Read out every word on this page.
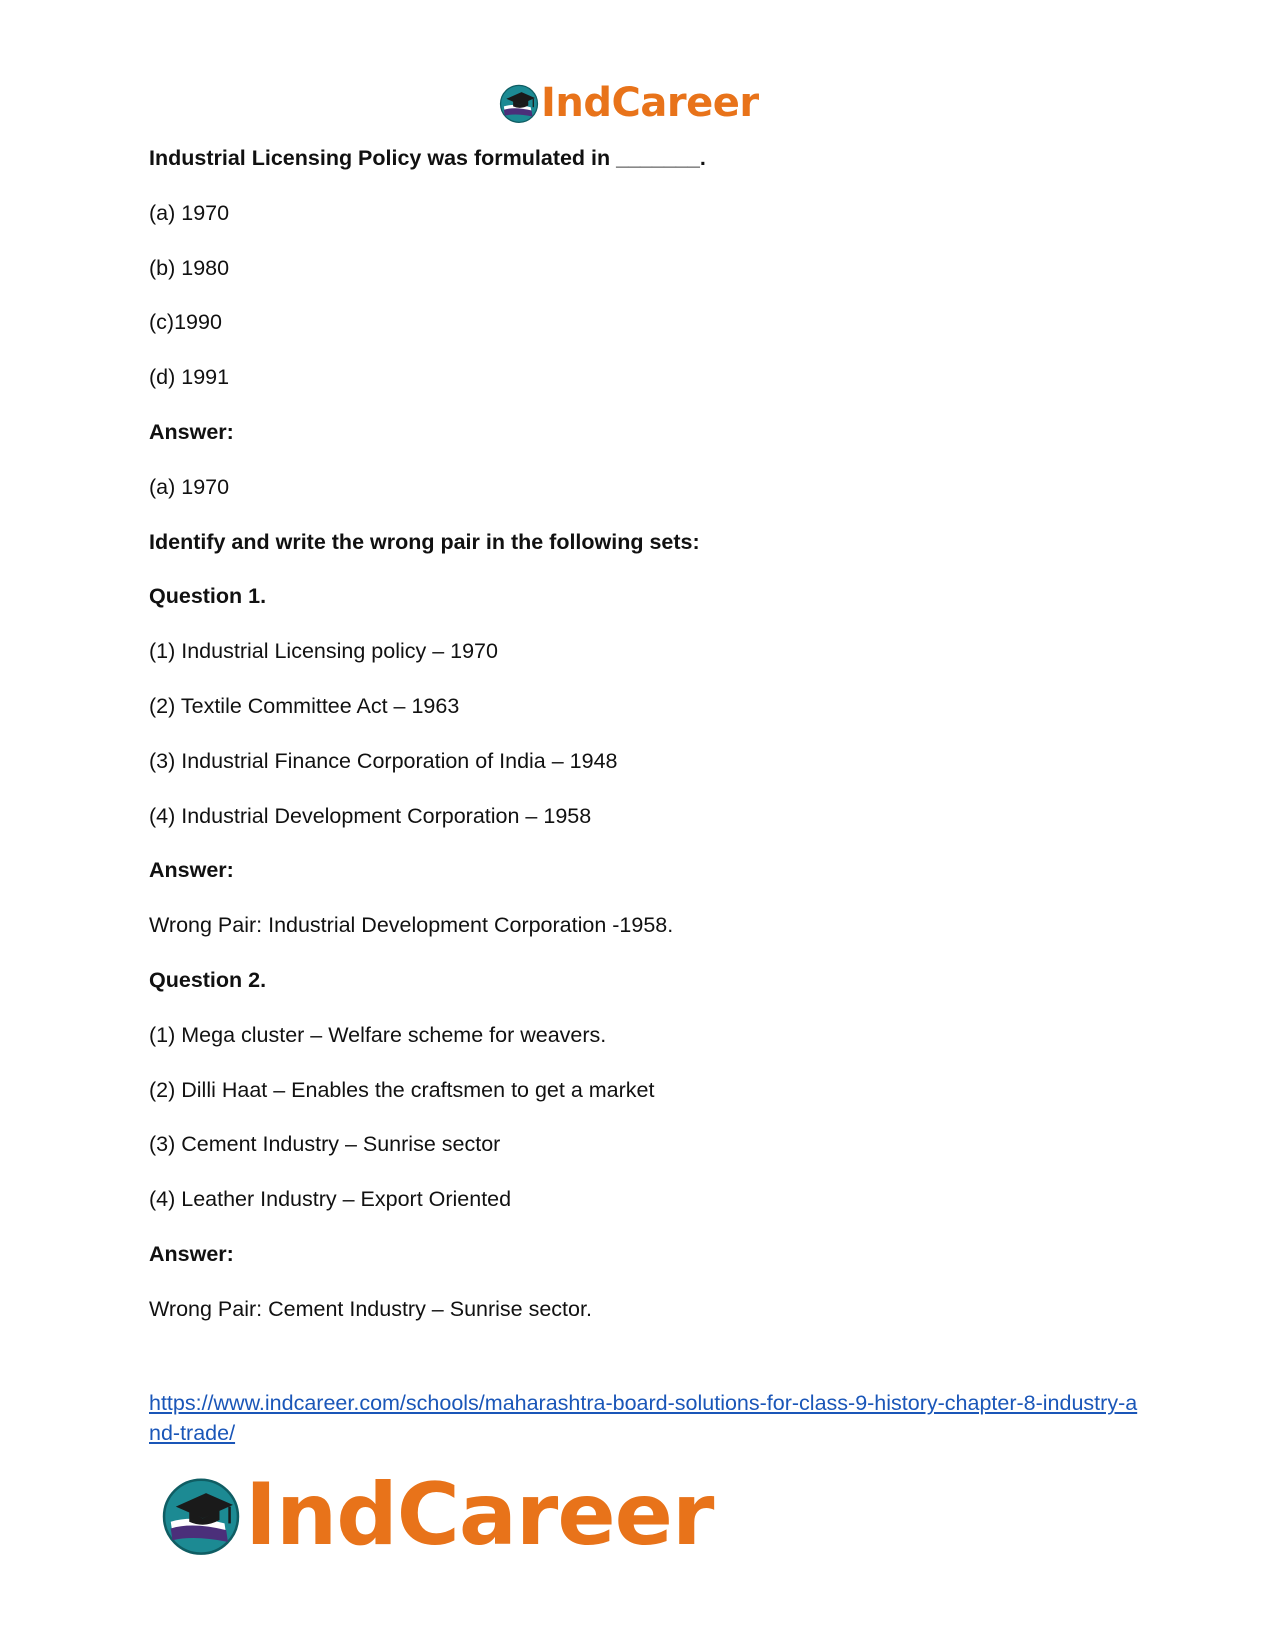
IndCareer
Industrial Licensing Policy was formulated in _______.
(a) 1970
(b) 1980
(c)1990
(d) 1991
Answer:
(a) 1970
Identify and write the wrong pair in the following sets:
Question 1.
(1) Industrial Licensing policy – 1970
(2) Textile Committee Act – 1963
(3) Industrial Finance Corporation of India – 1948
(4) Industrial Development Corporation – 1958
Answer:
Wrong Pair: Industrial Development Corporation -1958.
Question 2.
(1) Mega cluster – Welfare scheme for weavers.
(2) Dilli Haat – Enables the craftsmen to get a market
(3) Cement Industry – Sunrise sector
(4) Leather Industry – Export Oriented
Answer:
Wrong Pair: Cement Industry – Sunrise sector.
https://www.indcareer.com/schools/maharashtra-board-solutions-for-class-9-history-chapter-8-industry-and-trade/
IndCareer
